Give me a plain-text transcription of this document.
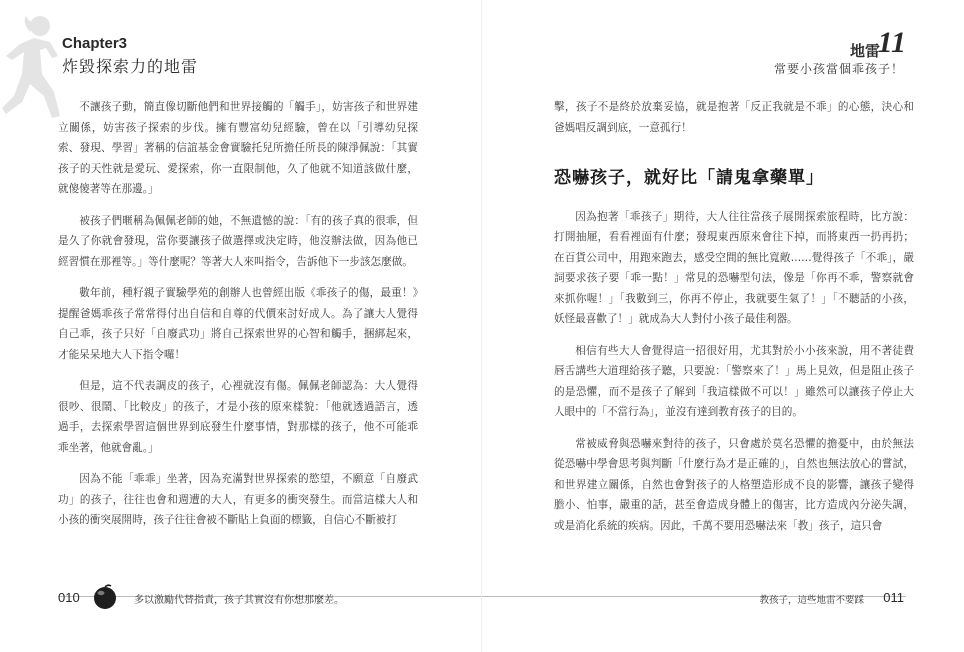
Chapter3
炸毀探索力的地雷

不讓孩子動，簡直像切斷他們和世界接觸的「觸手」，妨害孩子和世界建立關係，妨害孩子探索的步伐。擁有豐富幼兒經驗，曾在以「引導幼兒探索、發現、學習」著稱的信誼基金會實驗托兒所擔任所長的陳淨佩說：「其實孩子的天性就是愛玩、愛探索，你一直限制他，久了他就不知道該做什麼，就傻傻著等在那邊。」

被孩子們暱稱為佩佩老師的她，不無遺憾的說：「有的孩子真的很乖，但是久了你就會發現，當你要讓孩子做選擇或決定時，他沒辦法做，因為他已經習慣在那裡等。」等什麼呢？等著大人來叫指令，告訴他下一步該怎麼做。

數年前，種籽親子實驗學苑的創辦人也曾經出版《乖孩子的傷，最重！》提醒爸媽乖孩子常常得付出自信和自尊的代價來討好成人。為了讓大人覺得自己乖，孩子只好「自廢武功」將自己探索世界的心智和觸手，捆綁起來，才能呆呆地大人下指令囉！

但是，這不代表調皮的孩子，心裡就沒有傷。佩佩老師認為：大人覺得很吵、很鬧、「比較皮」的孩子，才是小孩的原來樣貌：「他就透過語言，透過手，去探索學習這個世界到底發生什麼事情，對那樣的孩子，他不可能乖乖坐著，他就會亂。」

因為不能「乖乖」坐著，因為充滿對世界探索的慾望，不願意「自廢武功」的孩子，往往也會和週遭的大人，有更多的衝突發生。而當這樣大人和小孩的衝突展開時，孩子往往會被不斷貼上負面的標籤，自信心不斷被打

010	多以激勵代替指責，孩子其實沒有你想那麼差。
地雷
11
常要小孩當個乖孩子！

擊，孩子不是終於放棄妥協，就是抱著「反正我就是不乖」的心態，決心和爸媽唱反調到底，一意孤行！

恐嚇孩子，就好比「請鬼拿藥單」

因為抱著「乖孩子」期待，大人往往當孩子展開探索旅程時，比方說：打開抽屜，看看裡面有什麼；發現東西原來會往下掉，而將東西一扔再扔；在百貨公司中，用跑來跑去，感受空間的無比寬敞……覺得孩子「不乖」，嚴詞要求孩子要「乖一點！」常見的恐嚇型句法，像是「你再不乖，警察就會來抓你喔！」「我數到三，你再不停止，我就要生氣了！」「不聽話的小孩，妖怪最喜歡了！」就成為大人對付小孩子最佳利器。

相信有些大人會覺得這一招很好用，尤其對於小小孩來說，用不著徒費唇舌講些大道理給孩子聽，只要說：「警察來了！」馬上見效，但是阻止孩子的是恐懼，而不是孩子了解到「我這樣做不可以！」雖然可以讓孩子停止大人眼中的「不當行為」，並沒有達到教育孩子的目的。

常被威脅與恐嚇來對待的孩子，只會處於莫名恐懼的擔憂中，由於無法從恐嚇中學會思考與判斷「什麼行為才是正確的」，自然也無法放心的嘗試，和世界建立關係，自然也會對孩子的人格塑造形成不良的影響，讓孩子變得膽小、怕事，嚴重的話，甚至會造成身體上的傷害，比方造成內分泌失調，或是消化系統的疾病。因此，千萬不要用恐嚇法來「教」孩子，這只會

教孩子，這些地雷不要踩 011
